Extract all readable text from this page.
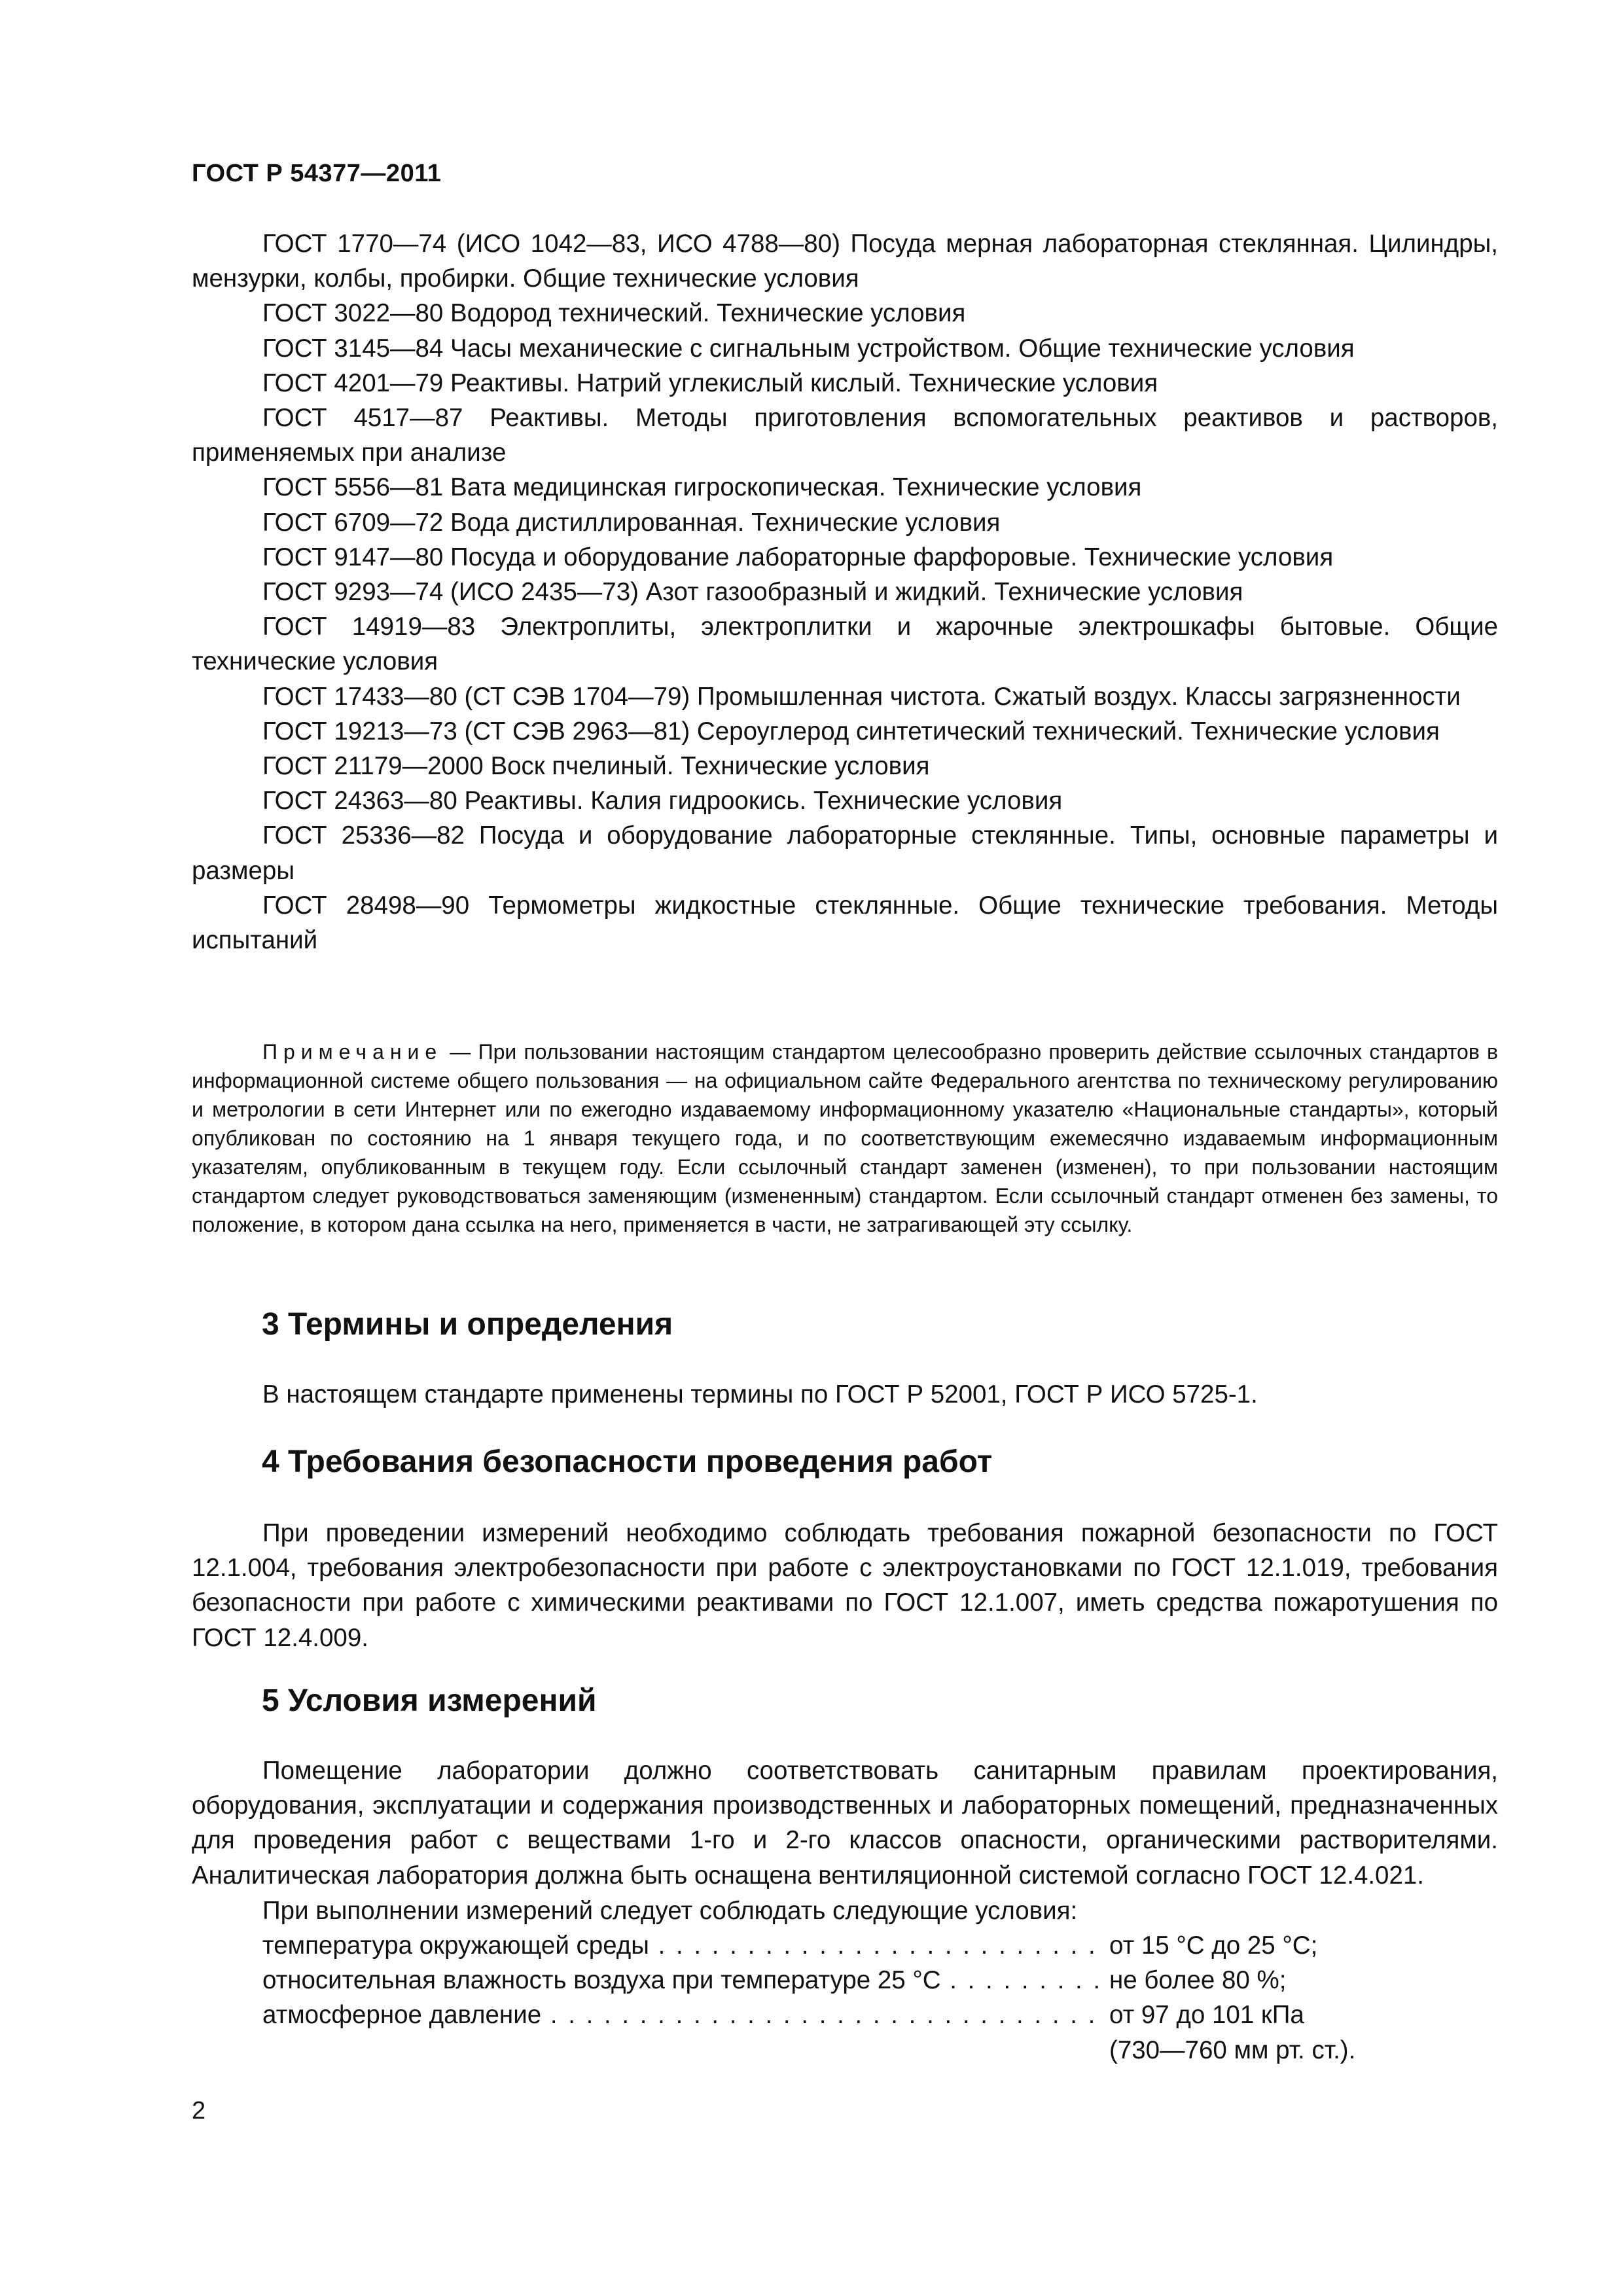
ГОСТ Р 54377—2011

ГОСТ 1770—74 (ИСО 1042—83, ИСО 4788—80) Посуда мерная лабораторная стеклянная. Цилиндры, мензурки, колбы, пробирки. Общие технические условия

ГОСТ 3022—80 Водород технический. Технические условия

ГОСТ 3145—84 Часы механические с сигнальным устройством. Общие технические условия

ГОСТ 4201—79 Реактивы. Натрий углекислый кислый. Технические условия

ГОСТ 4517—87 Реактивы. Методы приготовления вспомогательных реактивов и растворов, применяемых при анализе

ГОСТ 5556—81 Вата медицинская гигроскопическая. Технические условия

ГОСТ 6709—72 Вода дистиллированная. Технические условия

ГОСТ 9147—80 Посуда и оборудование лабораторные фарфоровые. Технические условия

ГОСТ 9293—74 (ИСО 2435—73) Азот газообразный и жидкий. Технические условия

ГОСТ 14919—83 Электроплиты, электроплитки и жарочные электрошкафы бытовые. Общие технические условия

ГОСТ 17433—80 (СТ СЭВ 1704—79) Промышленная чистота. Сжатый воздух. Классы загрязненности

ГОСТ 19213—73 (СТ СЭВ 2963—81) Сероуглерод синтетический технический. Технические условия

ГОСТ 21179—2000 Воск пчелиный. Технические условия

ГОСТ 24363—80 Реактивы. Калия гидроокись. Технические условия

ГОСТ 25336—82 Посуда и оборудование лабораторные стеклянные. Типы, основные параметры и размеры

ГОСТ 28498—90 Термометры жидкостные стеклянные. Общие технические требования. Методы испытаний

Примечание — При пользовании настоящим стандартом целесообразно проверить действие ссылочных стандартов в информационной системе общего пользования — на официальном сайте Федерального агентства по техническому регулированию и метрологии в сети Интернет или по ежегодно издаваемому информационному указателю «Национальные стандарты», который опубликован по состоянию на 1 января текущего года, и по соответствующим ежемесячно издаваемым информационным указателям, опубликованным в текущем году. Если ссылочный стандарт заменен (изменен), то при пользовании настоящим стандартом следует руководствоваться заменяющим (измененным) стандартом. Если ссылочный стандарт отменен без замены, то положение, в котором дана ссылка на него, применяется в части, не затрагивающей эту ссылку.

3 Термины и определения

В настоящем стандарте применены термины по ГОСТ Р 52001, ГОСТ Р ИСО 5725-1.

4 Требования безопасности проведения работ

При проведении измерений необходимо соблюдать требования пожарной безопасности по ГОСТ 12.1.004, требования электробезопасности при работе с электроустановками по ГОСТ 12.1.019, требования безопасности при работе с химическими реактивами по ГОСТ 12.1.007, иметь средства пожаротушения по ГОСТ 12.4.009.

5 Условия измерений

Помещение лаборатории должно соответствовать санитарным правилам проектирования, оборудования, эксплуатации и содержания производственных и лабораторных помещений, предназначенных для проведения работ с веществами 1-го и 2-го классов опасности, органическими растворителями. Аналитическая лаборатория должна быть оснащена вентиляционной системой согласно ГОСТ 12.4.021.

При выполнении измерений следует соблюдать следующие условия:

температура окружающей среды . . .	от 15 °С до 25 °С;
относительная влажность воздуха при температуре 25 °С . . .	не более 80 %;
атмосферное давление . . .	от 97 до 101 кПа
(730—760 мм рт. ст.).
2
